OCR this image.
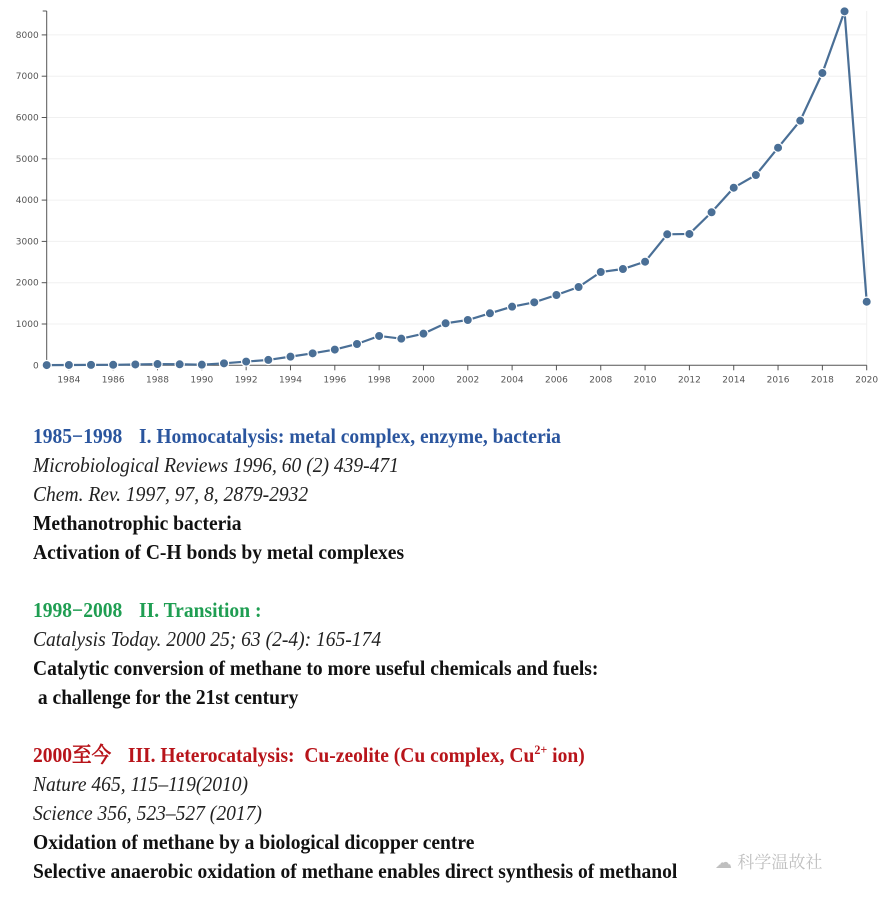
0
1000
2000
3000
4000
5000
6000
7000
8000
1984 1986 1988 1990 1992 1994 1996 1998 2000 2002 2004 2006 2008 2010 2012 2014 2016 2018 2020
1985−1998 I. Homocatalysis: metal complex, enzyme, bacteria
Microbiological Reviews 1996, 60 (2) 439-471
Chem. Rev. 1997, 97, 8, 2879-2932
Methanotrophic bacteria
Activation of C-H bonds by metal complexes
1998−2008 II. Transition :
Catalysis Today. 2000 25; 63 (2-4): 165-174
Catalytic conversion of methane to more useful chemicals and fuels:
a challenge for the 21st century
2000至今 III. Heterocatalysis:  Cu-zeolite (Cu complex, $Cu^{2+}$ ion)
Nature 465, 115–119(2010)
Science 356, 523–527 (2017)
Oxidation of methane by a biological dicopper centre
Selective anaerobic oxidation of methane enables direct synthesis of methanol ☁ 科学温故社
